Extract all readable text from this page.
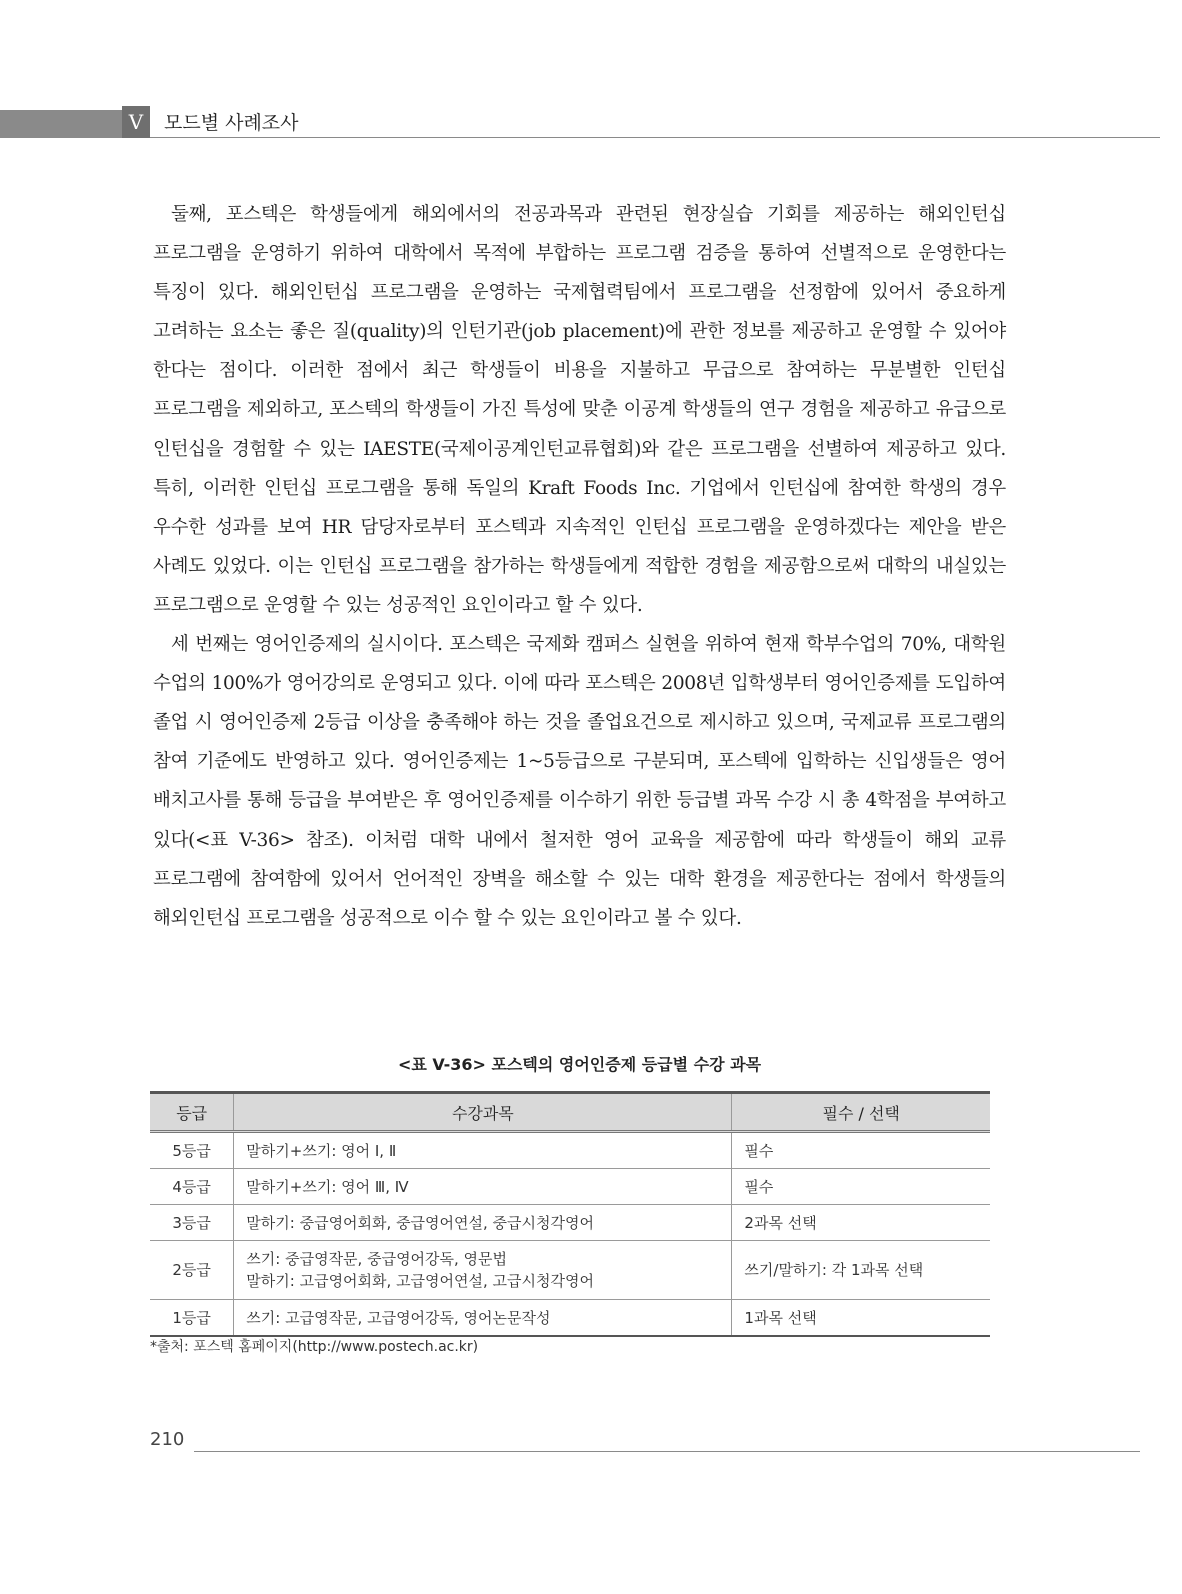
V	모드별 사례조사

둘째, 포스텍은 학생들에게 해외에서의 전공과목과 관련된 현장실습 기회를 제공하는 해외인턴십 프로그램을 운영하기 위하여 대학에서 목적에 부합하는 프로그램 검증을 통하여 선별적으로 운영한다는 특징이 있다. 해외인턴십 프로그램을 운영하는 국제협력팀에서 프로그램을 선정함에 있어서 중요하게 고려하는 요소는 좋은 질(quality)의 인턴기관(job placement)에 관한 정보를 제공하고 운영할 수 있어야 한다는 점이다. 이러한 점에서 최근 학생들이 비용을 지불하고 무급으로 참여하는 무분별한 인턴십 프로그램을 제외하고, 포스텍의 학생들이 가진 특성에 맞춘 이공계 학생들의 연구 경험을 제공하고 유급으로 인턴십을 경험할 수 있는 IAESTE(국제이공계인턴교류협회)와 같은 프로그램을 선별하여 제공하고 있다. 특히, 이러한 인턴십 프로그램을 통해 독일의 Kraft Foods Inc. 기업에서 인턴십에 참여한 학생의 경우 우수한 성과를 보여 HR 담당자로부터 포스텍과 지속적인 인턴십 프로그램을 운영하겠다는 제안을 받은 사례도 있었다. 이는 인턴십 프로그램을 참가하는 학생들에게 적합한 경험을 제공함으로써 대학의 내실있는 프로그램으로 운영할 수 있는 성공적인 요인이라고 할 수 있다.

세 번째는 영어인증제의 실시이다. 포스텍은 국제화 캠퍼스 실현을 위하여 현재 학부수업의 70%, 대학원 수업의 100%가 영어강의로 운영되고 있다. 이에 따라 포스텍은 2008년 입학생부터 영어인증제를 도입하여 졸업 시 영어인증제 2등급 이상을 충족해야 하는 것을 졸업요건으로 제시하고 있으며, 국제교류 프로그램의 참여 기준에도 반영하고 있다. 영어인증제는 1~5등급으로 구분되며, 포스텍에 입학하는 신입생들은 영어 배치고사를 통해 등급을 부여받은 후 영어인증제를 이수하기 위한 등급별 과목 수강 시 총 4학점을 부여하고 있다(<표 V-36> 참조). 이처럼 대학 내에서 철저한 영어 교육을 제공함에 따라 학생들이 해외 교류 프로그램에 참여함에 있어서 언어적인 장벽을 해소할 수 있는 대학 환경을 제공한다는 점에서 학생들의 해외인턴십 프로그램을 성공적으로 이수 할 수 있는 요인이라고 볼 수 있다.

<표 V-36> 포스텍의 영어인증제 등급별 수강 과목
등급	수강과목	필수 / 선택
5등급	말하기+쓰기: 영어 Ⅰ, Ⅱ	필수
4등급	말하기+쓰기: 영어 Ⅲ, Ⅳ	필수
3등급	말하기: 중급영어회화, 중급영어연설, 중급시청각영어	2과목 선택
2등급	쓰기: 중급영작문, 중급영어강독, 영문법
말하기: 고급영어회화, 고급영어연설, 고급시청각영어	쓰기/말하기: 각 1과목 선택
1등급	쓰기: 고급영작문, 고급영어강독, 영어논문작성	1과목 선택
*출처: 포스텍 홈페이지(http://www.postech.ac.kr)
210
